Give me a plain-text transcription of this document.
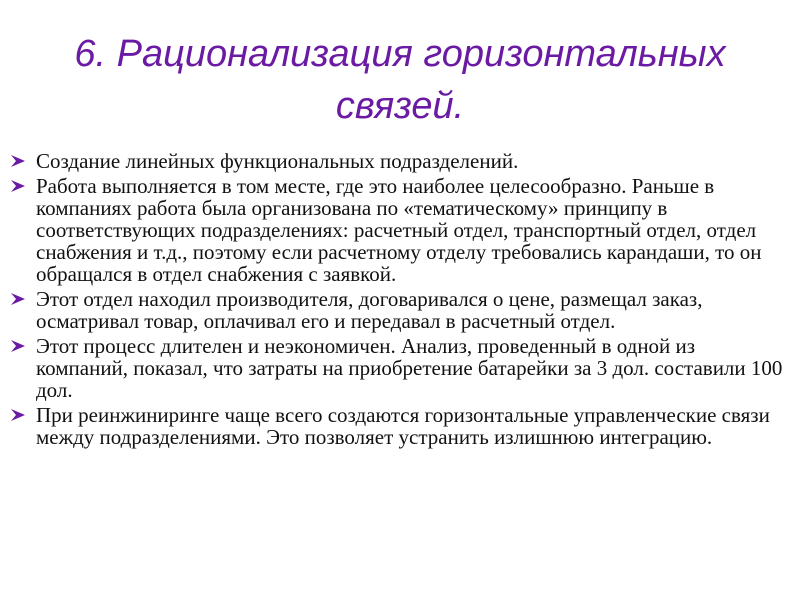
6. Рационализация горизонтальных связей.
Создание линейных функциональных подразделений.
Работа выполняется в том месте, где это наиболее целесообразно. Раньше в компаниях работа была организована по «тематическому» принципу в соответствующих подразделениях: расчетный отдел, транспортный отдел, отдел снабжения и т.д., поэтому если расчетному отделу требовались карандаши, то он обращался в отдел снабжения с заявкой.
Этот отдел находил производителя, договаривался о цене, размещал заказ, осматривал товар, оплачивал его и передавал в расчетный отдел.
Этот процесс длителен и неэкономичен. Анализ, проведенный в одной из компаний, показал, что затраты на приобретение батарейки за 3 дол. составили 100 дол.
При реинжиниринге чаще всего создаются горизонтальные управленческие связи между подразделениями. Это позволяет устранить излишнюю интеграцию.
